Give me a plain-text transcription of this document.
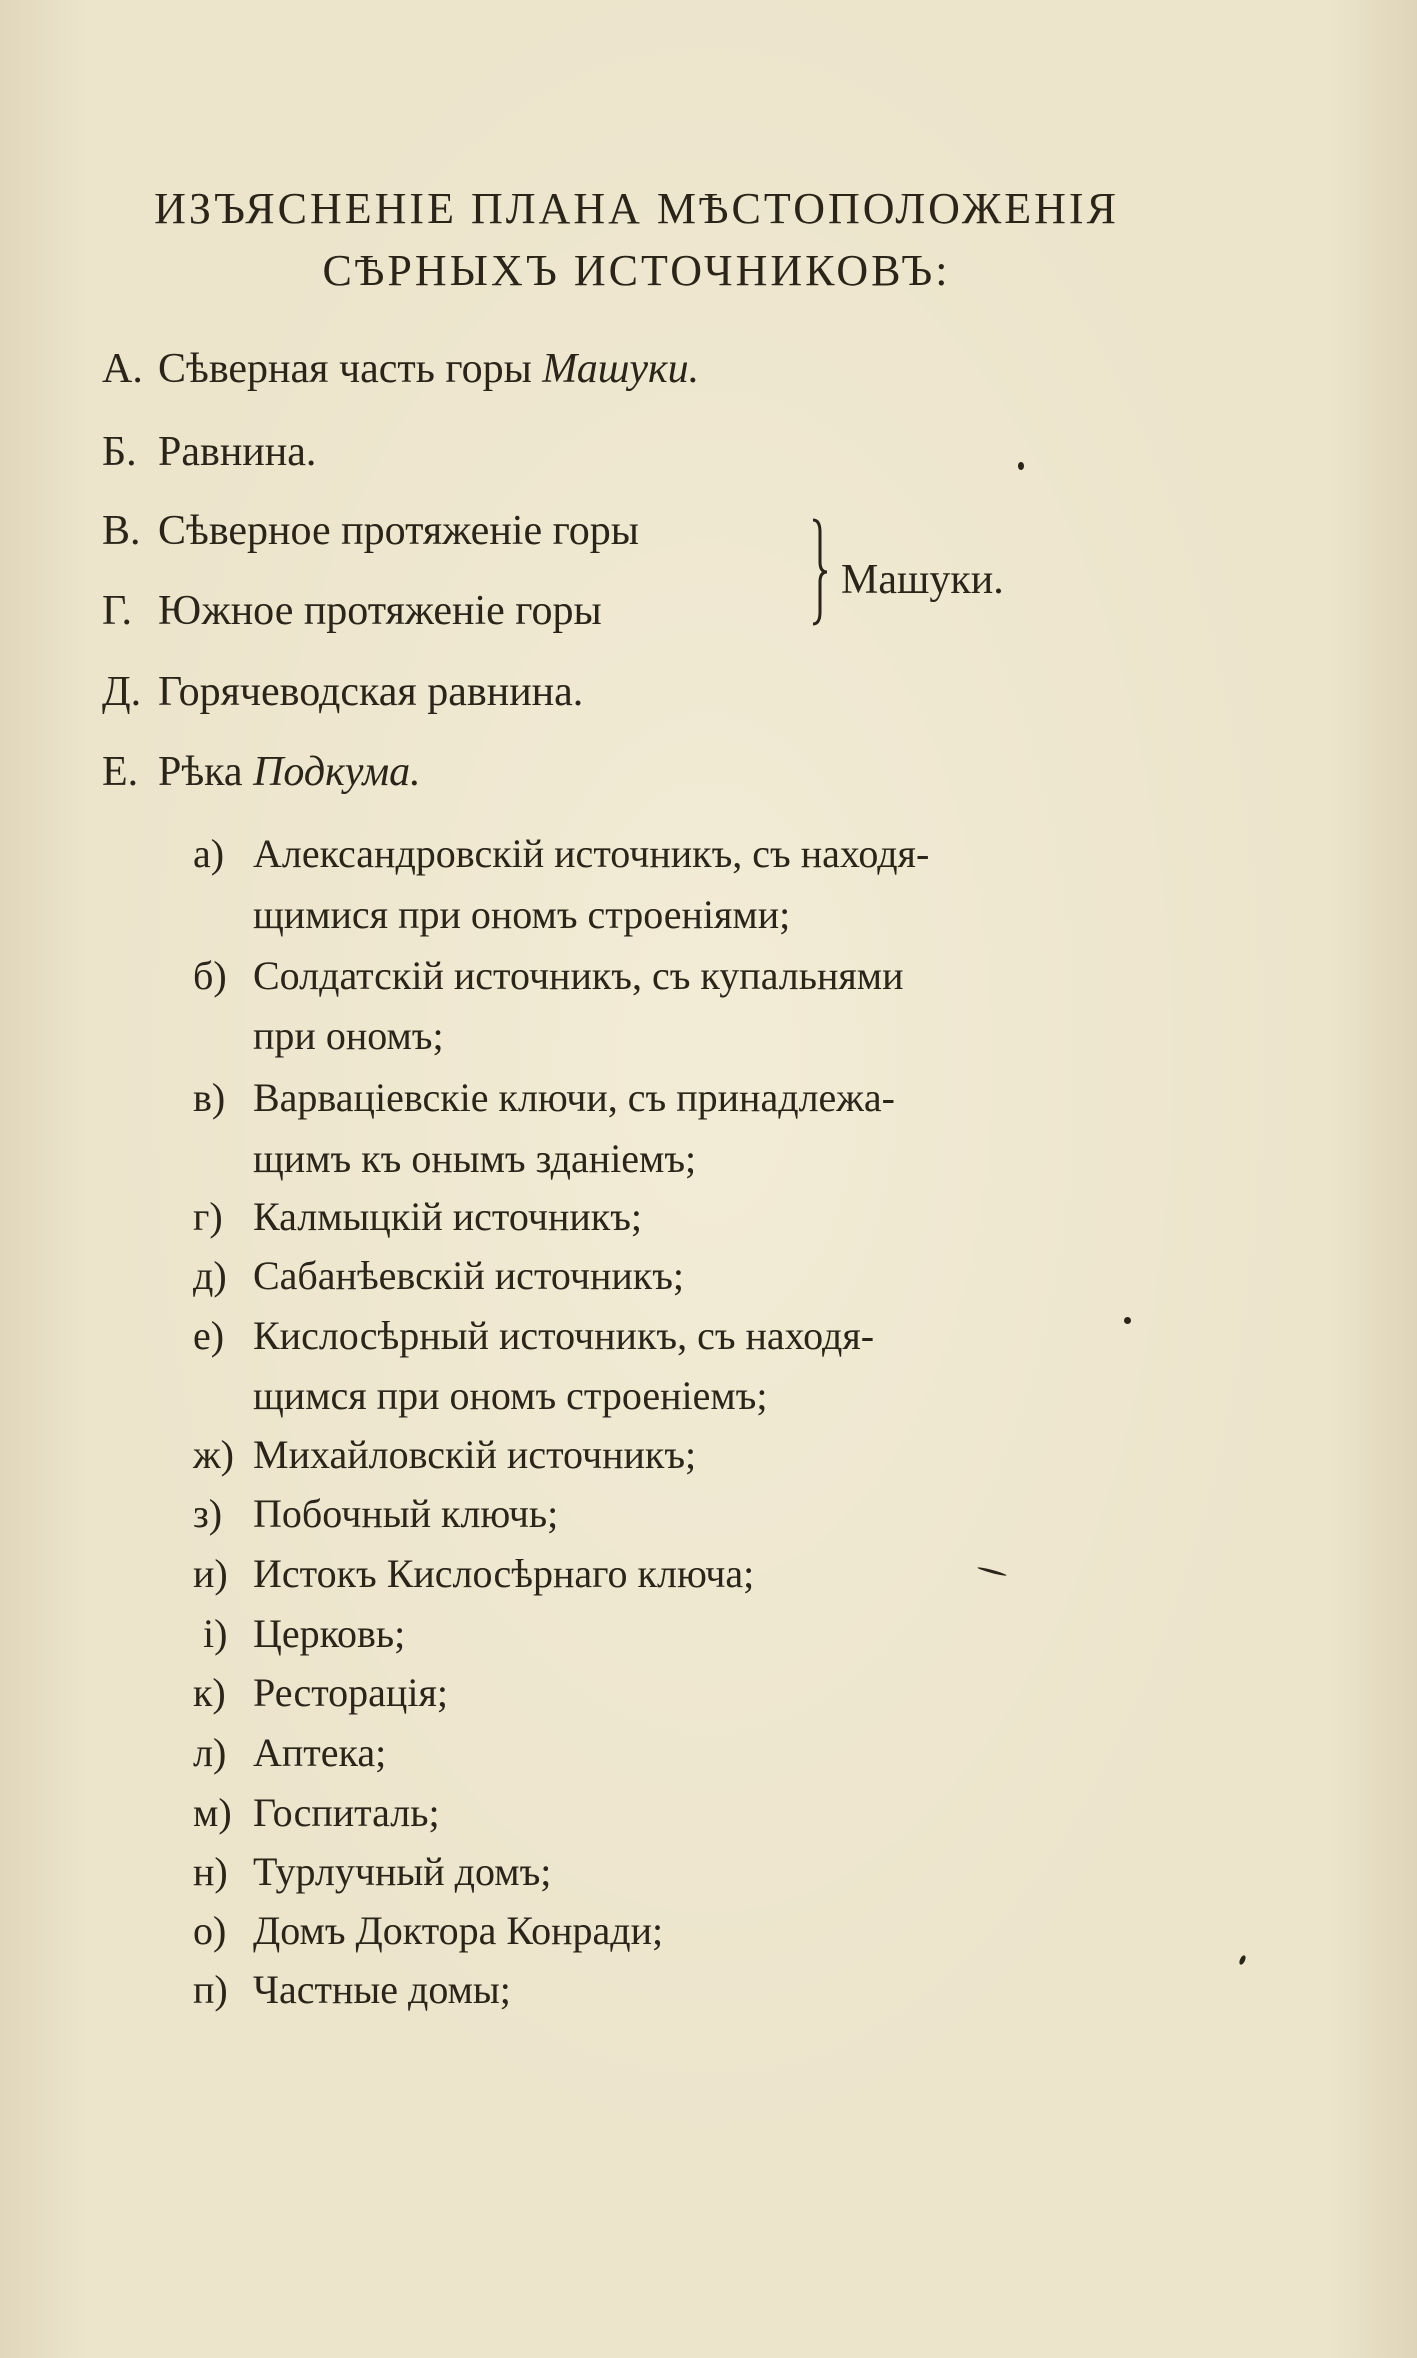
ИЗЪЯСНЕНІЕ ПЛАНА МѢСТОПОЛОЖЕНІЯ
СѢРНЫХЪ ИСТОЧНИКОВЪ:
А. Сѣверная часть горы Машуки.
Б. Равнина.
В. Сѣверное протяженіе горы
Г. Южное протяженіе горы
Д. Горячеводская равнина.
Е. Рѣка Подкума.
Машуки.
а) Александровскій источникъ, съ находя-
щимися при ономъ строеніями;
б) Солдатскій источникъ, съ купальнями
при ономъ;
в) Варваціевскіе ключи, съ принадлежа-
щимъ къ онымъ зданіемъ;
г) Калмыцкій источникъ;
д) Сабанѣевскій источникъ;
е) Кислосѣрный источникъ, съ находя-
щимся при ономъ строеніемъ;
ж) Михайловскій источникъ;
з) Побочный ключь;
и) Истокъ Кислосѣрнаго ключа;
і) Церковь;
к) Ресторація;
л) Аптека;
м) Госпиталь;
н) Турлучный домъ;
о) Домъ Доктора Конради;
п) Частные домы;
